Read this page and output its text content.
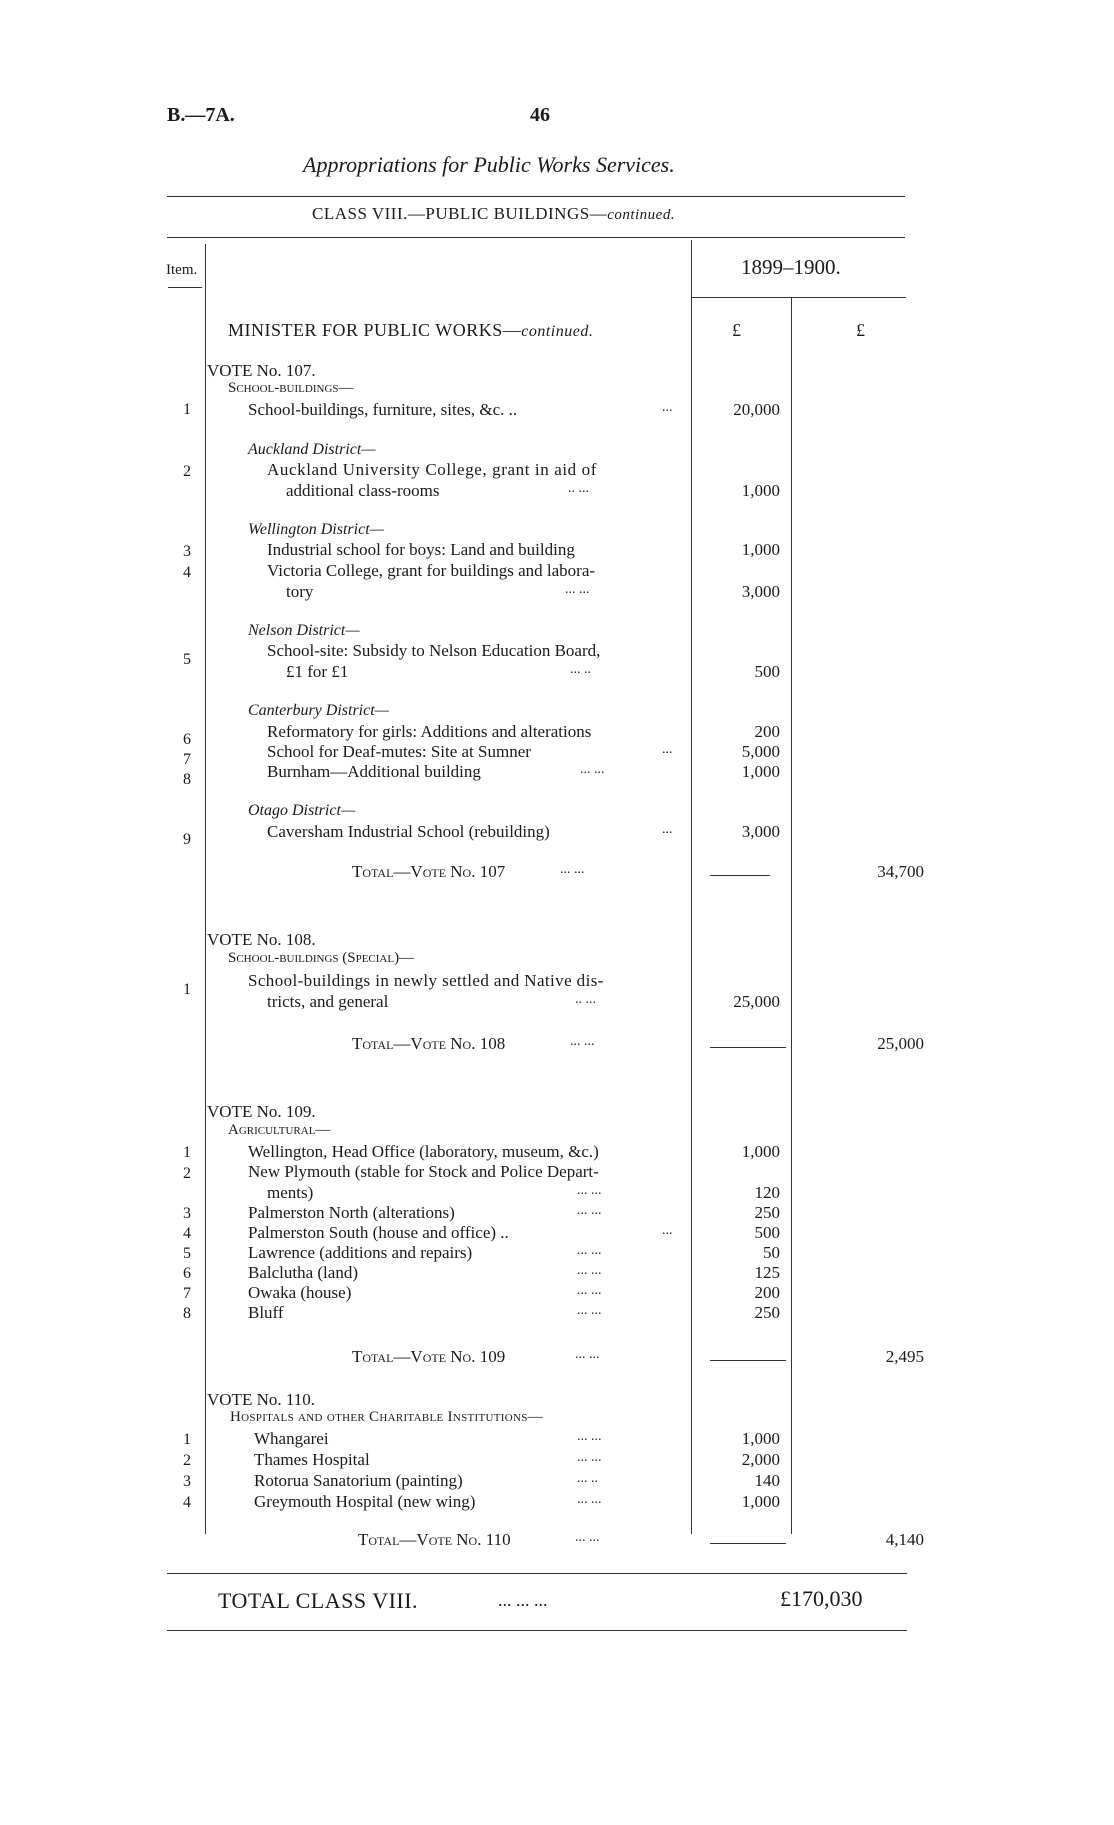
B.—7A.	46
Appropriations for Public Works Services.
CLASS VIII.—PUBLIC BUILDINGS—continued.
Item.	1899–1900.
MINISTER FOR PUBLIC WORKS—continued.	£	£
VOTE No. 107.
School-buildings—
1	School-buildings, furniture, sites, &c. ..	...	20,000
Auckland District—
2	Auckland University College, grant in aid of
additional class-rooms	.. ...	1,000
Wellington District—
3	Industrial school for boys: Land and building	1,000
4	Victoria College, grant for buildings and labora-
tory	... ...	3,000
Nelson District—
5	School-site: Subsidy to Nelson Education Board,
£1 for £1	... ..	500
Canterbury District—
6	Reformatory for girls: Additions and alterations	200
7	School for Deaf-mutes: Site at Sumner	...	5,000
8	Burnham—Additional building	... ...	1,000
Otago District—
9	Caversham Industrial School (rebuilding)	...	3,000
Total—Vote No. 107	... ...	34,700
VOTE No. 108.
School-buildings (Special)—
1	School-buildings in newly settled and Native dis-
tricts, and general	.. ...	25,000
Total—Vote No. 108	... ...	25,000
VOTE No. 109.
Agricultural—
1	Wellington, Head Office (laboratory, museum, &c.)	1,000
2	New Plymouth (stable for Stock and Police Depart-
ments)	... ...	120
3	Palmerston North (alterations)	... ...	250
4	Palmerston South (house and office) ..	...	500
5	Lawrence (additions and repairs)	... ...	50
6	Balclutha (land)	... ...	125
7	Owaka (house)	... ...	200
8	Bluff	... ...	250
Total—Vote No. 109	... ...	2,495
VOTE No. 110.
Hospitals and other Charitable Institutions—
1	Whangarei	... ...	1,000
2	Thames Hospital	... ...	2,000
3	Rotorua Sanatorium (painting)	... ..	140
4	Greymouth Hospital (new wing)	... ...	1,000
Total—Vote No. 110	... ...	4,140
TOTAL CLASS VIII.	... ... ...	£170,030
